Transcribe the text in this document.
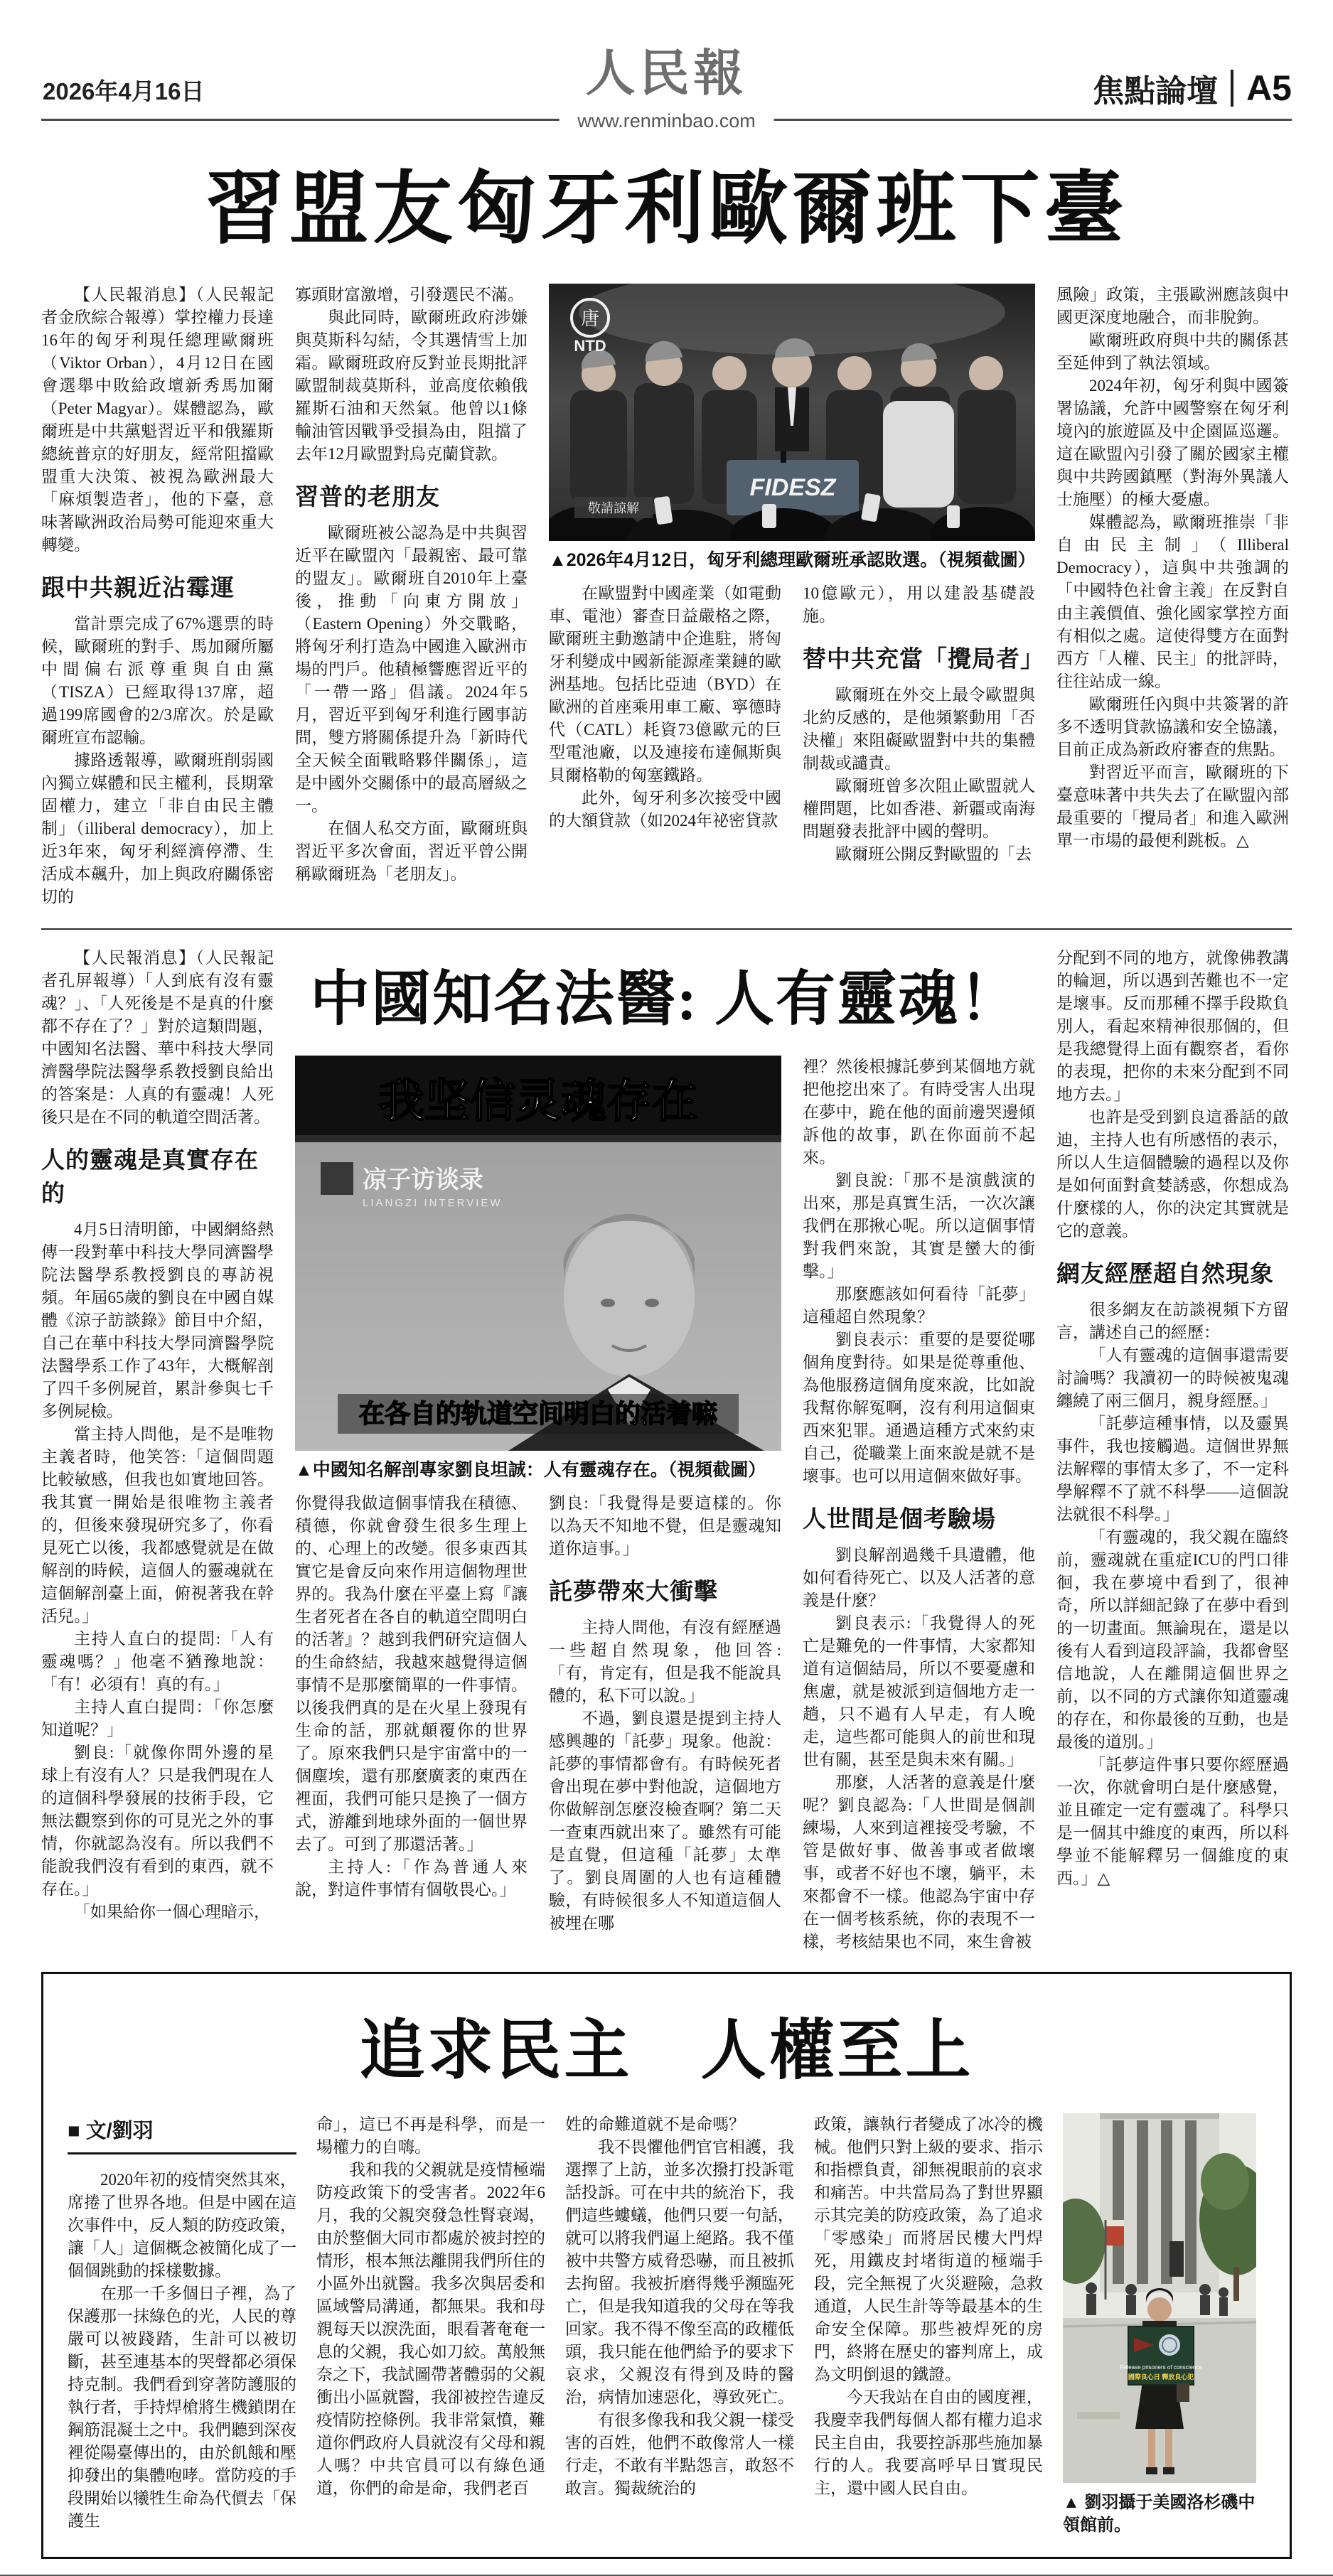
2026年4月16日	人民報	焦點論壇 A5
www.renminbao.com
習盟友匈牙利歐爾班下臺

【人民報消息】（人民報記者金欣綜合報導）掌控權力長達16年的匈牙利現任總理歐爾班（Viktor Orban），4月12日在國會選舉中敗給政壇新秀馬加爾（Peter Magyar）。媒體認為，歐爾班是中共黨魁習近平和俄羅斯總統普京的好朋友，經常阻擋歐盟重大決策、被視為歐洲最大「麻煩製造者」，他的下臺，意味著歐洲政治局勢可能迎來重大轉變。

跟中共親近沾霉運

當計票完成了67%選票的時候，歐爾班的對手、馬加爾所屬中間偏右派尊重與自由黨（TISZA）已經取得137席，超過199席國會的2/3席次。於是歐爾班宣布認輸。

據路透報導，歐爾班削弱國內獨立媒體和民主權利，長期鞏固權力，建立「非自由民主體制」（illiberal democracy），加上近3年來，匈牙利經濟停滯、生活成本飆升，加上與政府關係密切的

寡頭財富激增，引發選民不滿。

與此同時，歐爾班政府涉嫌與莫斯科勾結，令其選情雪上加霜。歐爾班政府反對並長期批評歐盟制裁莫斯科，並高度依賴俄羅斯石油和天然氣。他曾以1條輸油管因戰爭受損為由，阻擋了去年12月歐盟對烏克蘭貸款。

習普的老朋友

歐爾班被公認為是中共與習近平在歐盟內「最親密、最可靠的盟友」。歐爾班自2010年上臺後，推動「向東方開放」（Eastern Opening）外交戰略，將匈牙利打造為中國進入歐洲市場的門戶。他積極響應習近平的「一帶一路」倡議。2024年5月，習近平到匈牙利進行國事訪問，雙方將關係提升為「新時代全天候全面戰略夥伴關係」，這是中國外交關係中的最高層級之一。

在個人私交方面，歐爾班與習近平多次會面，習近平曾公開稱歐爾班為「老朋友」。

FIDESZ
唐
NTD
敬請諒解
▲2026年4月12日，匈牙利總理歐爾班承認敗選。（視頻截圖）

在歐盟對中國產業（如電動車、電池）審查日益嚴格之際，歐爾班主動邀請中企進駐，將匈牙利變成中國新能源產業鏈的歐洲基地。包括比亞迪（BYD）在歐洲的首座乘用車工廠、寧德時代（CATL）耗資73億歐元的巨型電池廠，以及連接布達佩斯與貝爾格勒的匈塞鐵路。

此外，匈牙利多次接受中國的大額貸款（如2024年祕密貸款

10億歐元），用以建設基礎設施。

替中共充當「攪局者」

歐爾班在外交上最令歐盟與北約反感的，是他頻繁動用「否決權」來阻礙歐盟對中共的集體制裁或譴責。

歐爾班曾多次阻止歐盟就人權問題，比如香港、新疆或南海問題發表批評中國的聲明。

歐爾班公開反對歐盟的「去

風險」政策，主張歐洲應該與中國更深度地融合，而非脫鉤。

歐爾班政府與中共的關係甚至延伸到了執法領域。

2024年初，匈牙利與中國簽署協議，允許中國警察在匈牙利境內的旅遊區及中企園區巡邏。這在歐盟內引發了關於國家主權與中共跨國鎮壓（對海外異議人士施壓）的極大憂慮。

媒體認為，歐爾班推崇「非自由民主制」（Illiberal Democracy），這與中共強調的「中國特色社會主義」在反對自由主義價值、強化國家掌控方面有相似之處。這使得雙方在面對西方「人權、民主」的批評時，往往站成一線。

歐爾班任內與中共簽署的許多不透明貸款協議和安全協議，目前正成為新政府審查的焦點。

對習近平而言，歐爾班的下臺意味著中共失去了在歐盟內部最重要的「攪局者」和進入歐洲單一市場的最便利跳板。△

【人民報消息】（人民報記者孔屏報導）「人到底有沒有靈魂？」、「人死後是不是真的什麼都不存在了？」對於這類問題，中國知名法醫、華中科技大學同濟醫學院法醫學系教授劉良給出的答案是：人真的有靈魂！人死後只是在不同的軌道空間活著。

人的靈魂是真實存在的

4月5日清明節，中國網絡熱傳一段對華中科技大學同濟醫學院法醫學系教授劉良的專訪視頻。年屆65歲的劉良在中國自媒體《涼子訪談錄》節目中介紹，自己在華中科技大學同濟醫學院法醫學系工作了43年，大概解剖了四千多例屍首，累計參與七千多例屍檢。

當主持人問他，是不是唯物主義者時，他笑答:「這個問題比較敏感，但我也如實地回答。我其實一開始是很唯物主義者的，但後來發現研究多了，你看見死亡以後，我都感覺就是在做解剖的時候，這個人的靈魂就在這個解剖臺上面，俯視著我在幹活兒。」

主持人直白的提問:「人有靈魂嗎？」他毫不猶豫地說：「有！必須有！真的有。」

主持人直白提問：「你怎麼知道呢？」

劉良:「就像你問外邊的星球上有沒有人？只是我們現在人的這個科學發展的技術手段，它無法觀察到你的可見光之外的事情，你就認為沒有。所以我們不能說我們沒有看到的東西，就不存在。」

「如果給你一個心理暗示，

中國知名法醫: 人有靈魂！
我坚信灵魂存在
凉子访谈录
LIANGZI INTERVIEW
在各自的轨道空间明白的活着嘛
▲中國知名解剖專家劉良坦誠：人有靈魂存在。（視頻截圖）

你覺得我做這個事情我在積德、積德，你就會發生很多生理上的、心理上的改變。很多東西其實它是會反向來作用這個物理世界的。我為什麼在平臺上寫『讓生者死者在各自的軌道空間明白的活著』？越到我們研究這個人的生命終結，我越來越覺得這個事情不是那麼簡單的一件事情。以後我們真的是在火星上發現有生命的話，那就顛覆你的世界了。原來我們只是宇宙當中的一個塵埃，還有那麼廣袤的東西在裡面，我們可能只是換了一個方式，游離到地球外面的一個世界去了。可到了那還活著。」

主持人:「作為普通人來說，對這件事情有個敬畏心。」

劉良:「我覺得是要這樣的。你以為天不知地不覺，但是靈魂知道你這事。」

託夢帶來大衝擊

主持人問他，有沒有經歷過一些超自然現象，他回答:「有，肯定有，但是我不能說具體的，私下可以說。」

不過，劉良還是提到主持人感興趣的「託夢」現象。他說：託夢的事情都會有。有時候死者會出現在夢中對他說，這個地方你做解剖怎麼沒檢查啊？第二天一查東西就出來了。雖然有可能是直覺，但這種「託夢」太準了。劉良周圍的人也有這種體驗，有時候很多人不知道這個人被埋在哪

裡？然後根據託夢到某個地方就把他挖出來了。有時受害人出現在夢中，跪在他的面前邊哭邊傾訴他的故事，趴在你面前不起來。

劉良說:「那不是演戲演的出來，那是真實生活，一次次讓我們在那揪心呢。所以這個事情對我們來說，其實是蠻大的衝擊。」

那麼應該如何看待「託夢」這種超自然現象？

劉良表示：重要的是要從哪個角度對待。如果是從尊重他、為他服務這個角度來說，比如說我幫你解冤啊，沒有利用這個東西來犯罪。通過這種方式來約束自己，從職業上面來說是就不是壞事。也可以用這個來做好事。

人世間是個考驗場

劉良解剖過幾千具遺體，他如何看待死亡、以及人活著的意義是什麼？

劉良表示:「我覺得人的死亡是難免的一件事情，大家都知道有這個結局，所以不要憂慮和焦慮，就是被派到這個地方走一趟，只不過有人早走，有人晚走，這些都可能與人的前世和現世有關，甚至是與未來有關。」

那麼，人活著的意義是什麼呢？劉良認為:「人世間是個訓練場，人來到這裡接受考驗，不管是做好事、做善事或者做壞事，或者不好也不壞，躺平，未來都會不一樣。他認為宇宙中存在一個考核系統，你的表現不一樣，考核結果也不同，來生會被

分配到不同的地方，就像佛教講的輪迴，所以遇到苦難也不一定是壞事。反而那種不擇手段欺負別人，看起來精神很那個的，但是我總覺得上面有觀察者，看你的表現，把你的未來分配到不同地方去。」

也許是受到劉良這番話的啟迪，主持人也有所感悟的表示，所以人生這個體驗的過程以及你是如何面對貪婪誘惑，你想成為什麼樣的人，你的決定其實就是它的意義。

網友經歷超自然現象

很多網友在訪談視頻下方留言，講述自己的經歷：

「人有靈魂的這個事還需要討論嗎？我讀初一的時候被鬼魂纏繞了兩三個月，親身經歷。」

「託夢這種事情，以及靈異事件，我也接觸過。這個世界無法解釋的事情太多了，不一定科學解釋不了就不科學——這個說法就很不科學。」

「有靈魂的，我父親在臨終前，靈魂就在重症ICU的門口徘徊，我在夢境中看到了，很神奇，所以詳細記錄了在夢中看到的一切畫面。無論現在，還是以後有人看到這段評論，我都會堅信地說，人在離開這個世界之前，以不同的方式讓你知道靈魂的存在，和你最後的互動，也是最後的道別。」

「託夢這件事只要你經歷過一次，你就會明白是什麼感覺，並且確定一定有靈魂了。科學只是一個其中維度的東西，所以科學並不能解釋另一個維度的東西。」△

追求民主　人權至上
■ 文/劉羽

2020年初的疫情突然其來，席捲了世界各地。但是中國在這次事件中，反人類的防疫政策，讓「人」這個概念被簡化成了一個個跳動的採樣數據。

在那一千多個日子裡，為了保護那一抹綠色的光，人民的尊嚴可以被踐踏，生計可以被切斷，甚至連基本的哭聲都必須保持克制。我們看到穿著防護服的執行者，手持焊槍將生機鎖閉在鋼筋混凝土之中。我們聽到深夜裡從陽臺傳出的，由於飢餓和壓抑發出的集體咆哮。當防疫的手段開始以犧牲生命為代價去「保護生

命」，這已不再是科學，而是一場權力的自嗨。

我和我的父親就是疫情極端防疫政策下的受害者。2022年6月，我的父親突發急性腎衰竭，由於整個大同市都處於被封控的情形，根本無法離開我們所住的小區外出就醫。我多次與居委和區域警局溝通，都無果。我和母親每天以淚洗面，眼看著奄奄一息的父親，我心如刀絞。萬般無奈之下，我試圖帶著體弱的父親衝出小區就醫，我卻被控告違反疫情防控條例。我非常氣憤，難道你們政府人員就沒有父母和親人嗎？中共官員可以有綠色通道，你們的命是命，我們老百

姓的命難道就不是命嗎？

我不畏懼他們官官相護，我選擇了上訪，並多次撥打投訴電話投訴。可在中共的統治下，我們這些螻蟻，他們只要一句話，就可以將我們逼上絕路。我不僅被中共警方威脅恐嚇，而且被抓去拘留。我被折磨得幾乎瀕臨死亡，但是我知道我的父母在等我回家。我不得不像至高的政權低頭，我只能在他們給予的要求下哀求，父親沒有得到及時的醫治，病情加速惡化，導致死亡。

有很多像我和我父親一樣受害的百姓，他們不敢像常人一樣行走，不敢有半點怨言，敢怒不敢言。獨裁統治的

政策，讓執行者變成了冰冷的機械。他們只對上級的要求、指示和指標負責，卻無視眼前的哀求和痛苦。中共當局為了對世界顯示其完美的防疫政策，為了追求「零感染」而將居民樓大門焊死，用鐵皮封堵街道的極端手段，完全無視了火災避險，急救通道，人民生計等等最基本的生命安全保障。那些被焊死的房門，終將在歷史的審判席上，成為文明倒退的鐵證。

今天我站在自由的國度裡，我慶幸我們每個人都有權力追求民主自由，我要控訴那些施加暴行的人。我要高呼早日實現民主，還中國人民自由。

Release prisoners of conscience
國際良心日 釋放良心犯
▲ 劉羽攝于美國洛杉磯中領館前。
